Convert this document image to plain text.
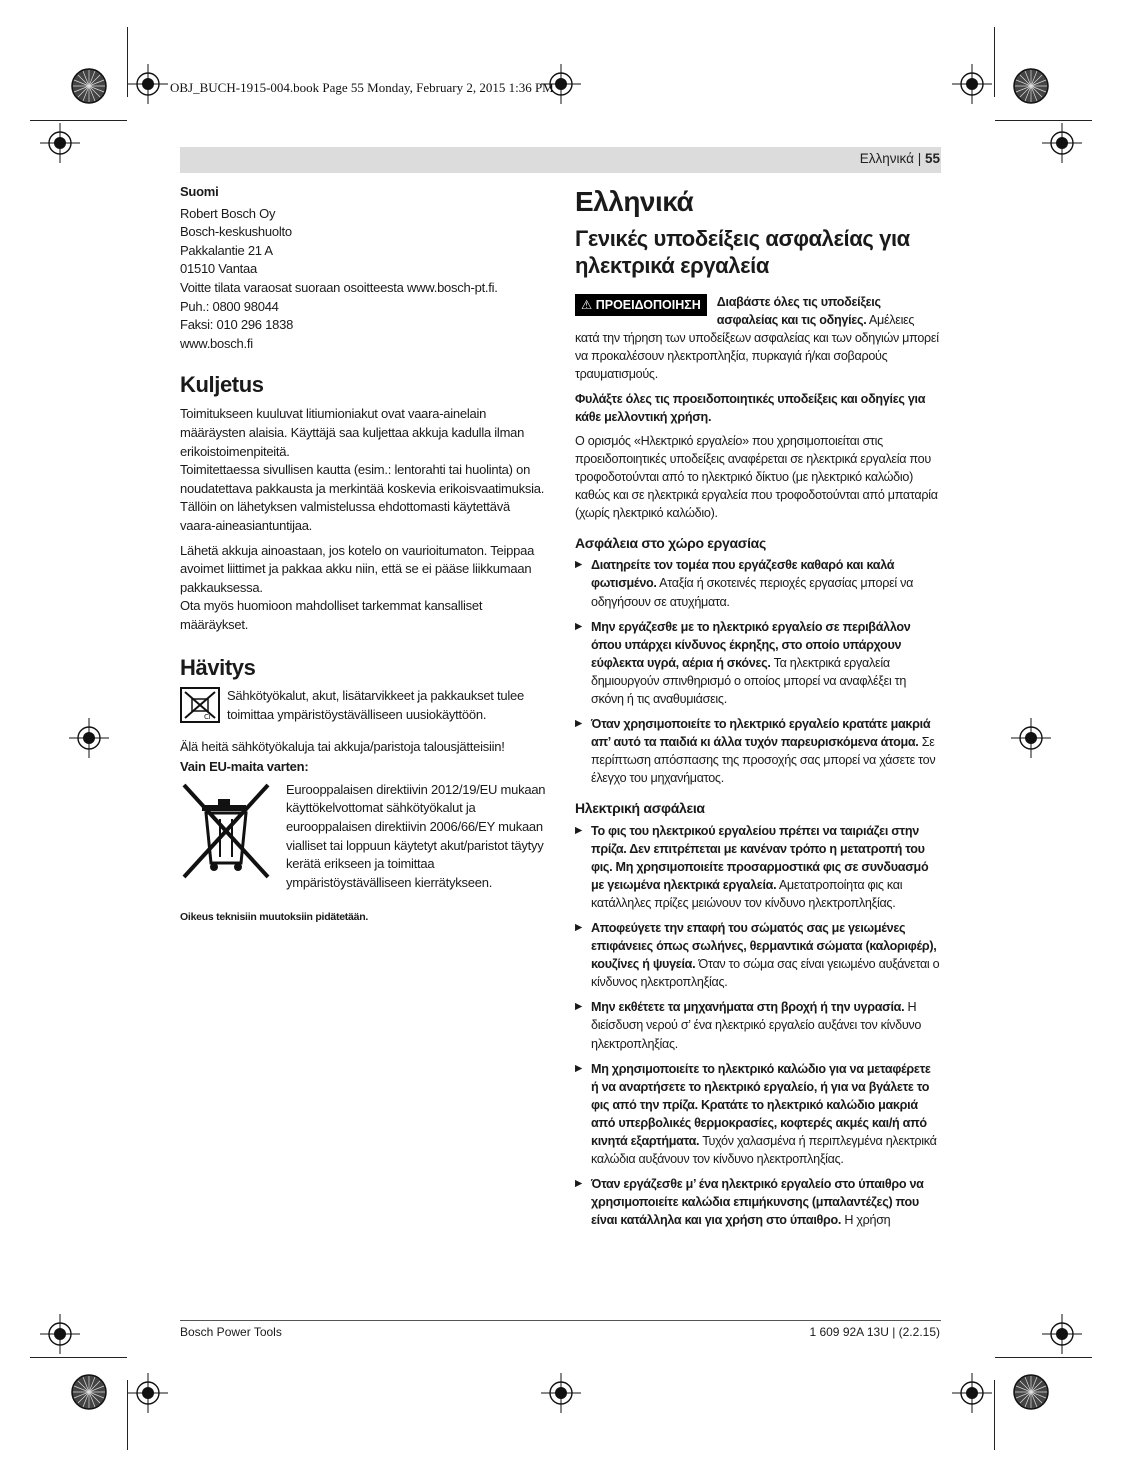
OBJ_BUCH-1915-004.book Page 55 Monday, February 2, 2015 1:36 PM
Ελληνικά | 55

Suomi

Robert Bosch Oy

Bosch-keskushuolto

Pakkalantie 21 A

01510 Vantaa

Voitte tilata varaosat suoraan osoitteesta www.bosch-pt.fi.

Puh.: 0800 98044

Faksi: 010 296 1838

www.bosch.fi

Kuljetus

Toimitukseen kuuluvat litiumioniakut ovat vaara-ainelain määräysten alaisia. Käyttäjä saa kuljettaa akkuja kadulla ilman erikoistoimenpiteitä.

Toimitettaessa sivullisen kautta (esim.: lentorahti tai huolinta) on noudatettava pakkausta ja merkintää koskevia erikoisvaatimuksia. Tällöin on lähetyksen valmistelussa ehdottomasti käytettävä vaara-aineasiantuntijaa.

Lähetä akkuja ainoastaan, jos kotelo on vaurioitumaton. Teippaa avoimet liittimet ja pakkaa akku niin, että se ei pääse liikkumaan pakkauksessa.

Ota myös huomioon mahdolliset tarkemmat kansalliset määräykset.

Hävitys
Ci

Sähkötyökalut, akut, lisätarvikkeet ja pakkaukset tulee toimittaa ympäristöystävälliseen uusiokäyttöön.

Älä heitä sähkötyökaluja tai akkuja/paristoja talousjätteisiin!

Vain EU-maita varten:

Eurooppalaisen direktiivin 2012/19/EU mukaan käyttökelvottomat sähkötyökalut ja eurooppalaisen direktiivin 2006/66/EY mukaan vialliset tai loppuun käytetyt akut/paristot täytyy kerätä erikseen ja toimittaa ympäristöystävälliseen kierrätykseen.

Oikeus teknisiin muutoksiin pidätetään.

Ελληνικά
Γενικές υποδείξεις ασφαλείας για ηλεκτρικά εργαλεία
⚠ ΠΡΟΕΙΔΟΠΟΙΗΣΗ	Διαβάστε όλες τις υποδείξεις ασφαλείας και τις οδηγίες. Αμέλειες κατά την τήρηση των υποδείξεων ασφαλείας και των οδηγιών μπορεί να προκαλέσουν ηλεκτροπληξία, πυρκαγιά ή/και σοβαρούς τραυματισμούς.

Φυλάξτε όλες τις προειδοποιητικές υποδείξεις και οδηγίες για κάθε μελλοντική χρήση.

Ο ορισμός «Ηλεκτρικό εργαλείο» που χρησιμοποιείται στις προειδοποιητικές υποδείξεις αναφέρεται σε ηλεκτρικά εργαλεία που τροφοδοτούνται από το ηλεκτρικό δίκτυο (με ηλεκτρικό καλώδιο) καθώς και σε ηλεκτρικά εργαλεία που τροφοδοτούνται από μπαταρία (χωρίς ηλεκτρικό καλώδιο).

Ασφάλεια στο χώρο εργασίας
▶ Διατηρείτε τον τομέα που εργάζεσθε καθαρό και καλά φωτισμένο. Αταξία ή σκοτεινές περιοχές εργασίας μπορεί να οδηγήσουν σε ατυχήματα.
▶ Μην εργάζεσθε με το ηλεκτρικό εργαλείο σε περιβάλλον όπου υπάρχει κίνδυνος έκρηξης, στο οποίο υπάρχουν εύφλεκτα υγρά, αέρια ή σκόνες. Τα ηλεκτρικά εργαλεία δημιουργούν σπινθηρισμό ο οποίος μπορεί να αναφλέξει τη σκόνη ή τις αναθυμιάσεις.
▶ Όταν χρησιμοποιείτε το ηλεκτρικό εργαλείο κρατάτε μακριά απ’ αυτό τα παιδιά κι άλλα τυχόν παρευρισκόμενα άτομα. Σε περίπτωση απόσπασης της προσοχής σας μπορεί να χάσετε τον έλεγχο του μηχανήματος.
Ηλεκτρική ασφάλεια
▶ Το φις του ηλεκτρικού εργαλείου πρέπει να ταιριάζει στην πρίζα. Δεν επιτρέπεται με κανέναν τρόπο η μετατροπή του φις. Μη χρησιμοποιείτε προσαρμοστικά φις σε συνδυασμό με γειωμένα ηλεκτρικά εργαλεία. Αμετατροποίητα φις και κατάλληλες πρίζες μειώνουν τον κίνδυνο ηλεκτροπληξίας.
▶ Αποφεύγετε την επαφή του σώματός σας με γειωμένες επιφάνειες όπως σωλήνες, θερμαντικά σώματα (καλοριφέρ), κουζίνες ή ψυγεία. Όταν το σώμα σας είναι γειωμένο αυξάνεται ο κίνδυνος ηλεκτροπληξίας.
▶ Μην εκθέτετε τα μηχανήματα στη βροχή ή την υγρασία. Η διείσδυση νερού σ’ ένα ηλεκτρικό εργαλείο αυξάνει τον κίνδυνο ηλεκτροπληξίας.
▶ Μη χρησιμοποιείτε το ηλεκτρικό καλώδιο για να μεταφέρετε ή να αναρτήσετε το ηλεκτρικό εργαλείο, ή για να βγάλετε το φις από την πρίζα. Κρατάτε το ηλεκτρικό καλώδιο μακριά από υπερβολικές θερμοκρασίες, κοφτερές ακμές και/ή από κινητά εξαρτήματα. Τυχόν χαλασμένα ή περιπλεγμένα ηλεκτρικά καλώδια αυξάνουν τον κίνδυνο ηλεκτροπληξίας.
▶ Όταν εργάζεσθε μ’ ένα ηλεκτρικό εργαλείο στο ύπαιθρο να χρησιμοποιείτε καλώδια επιμήκυνσης (μπαλαντέζες) που είναι κατάλληλα και για χρήση στο ύπαιθρο. Η χρήση
Bosch Power Tools	1 609 92A 13U | (2.2.15)
